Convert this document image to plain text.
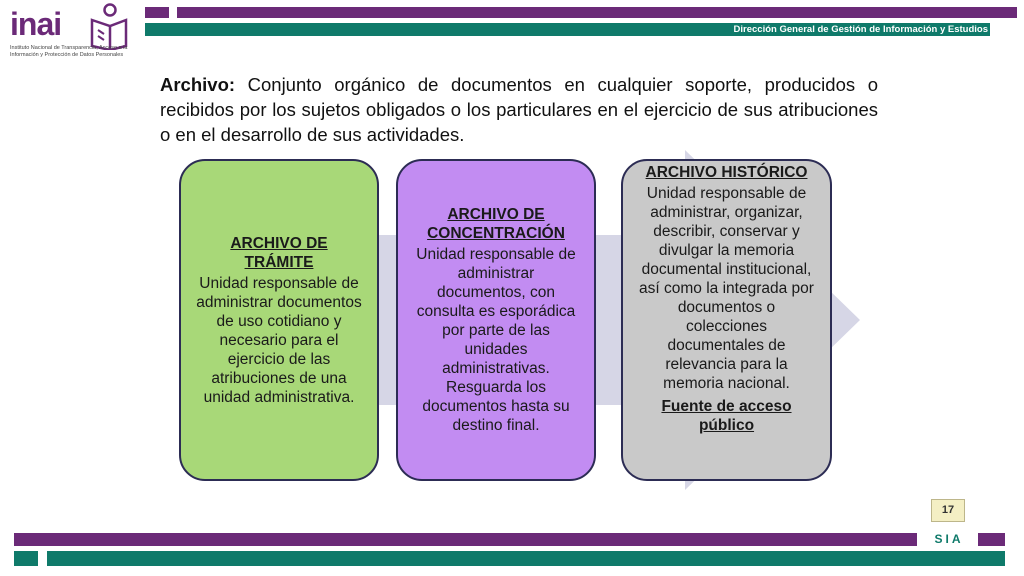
Dirección General de Gestión de Información y Estudios
inai
Instituto Nacional de Transparencia, Acceso a la Información y Protección de Datos Personales
Archivo: Conjunto orgánico de documentos en cualquier soporte, producidos o recibidos por los sujetos obligados o los particulares en el ejercicio de sus atribuciones o en el desarrollo de sus actividades.
ARCHIVO DE TRÁMITE
Unidad responsable de administrar documentos de uso cotidiano y necesario para el ejercicio de las atribuciones de una unidad administrativa.
ARCHIVO DE CONCENTRACIÓN
Unidad responsable de administrar documentos, con consulta es esporádica por parte de las unidades administrativas. Resguarda los documentos hasta su destino final.
ARCHIVO HISTÓRICO
Unidad responsable de administrar, organizar, describir, conservar y divulgar la memoria documental institucional, así como la integrada por documentos o colecciones documentales de relevancia para la memoria nacional.
Fuente de acceso público
17
SIA
